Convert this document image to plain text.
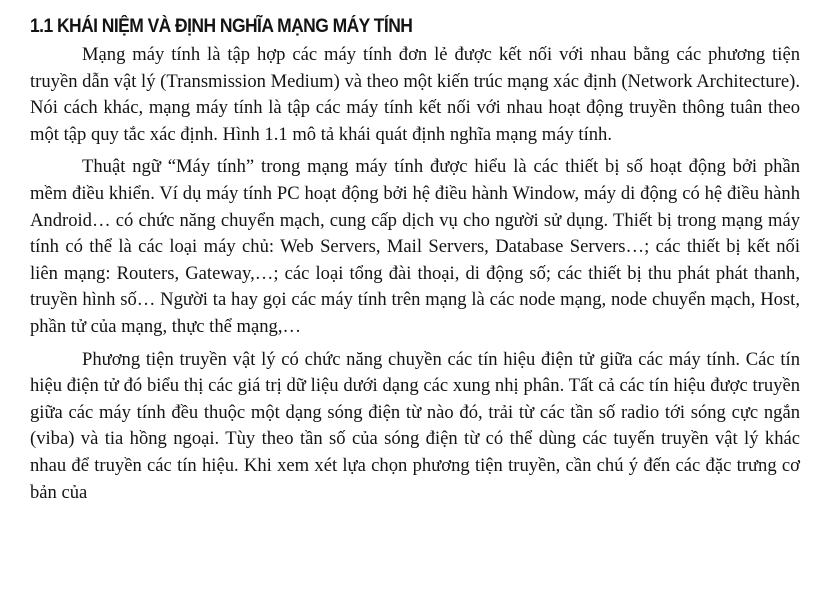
1.1 KHÁI NIỆM VÀ ĐỊNH NGHĨA MẠNG MÁY TÍNH

Mạng máy tính là tập hợp các máy tính đơn lẻ được kết nối với nhau bằng các phương tiện truyền dẫn vật lý (Transmission Medium) và theo một kiến trúc mạng xác định (Network Architecture). Nói cách khác, mạng máy tính là tập các máy tính kết nối với nhau hoạt động truyền thông tuân theo một tập quy tắc xác định. Hình 1.1 mô tả khái quát định nghĩa mạng máy tính.

Thuật ngữ “Máy tính” trong mạng máy tính được hiểu là các thiết bị số hoạt động bởi phần mềm điều khiển. Ví dụ máy tính PC hoạt động bởi hệ điều hành Window, máy di động có hệ điều hành Android… có chức năng chuyển mạch, cung cấp dịch vụ cho người sử dụng. Thiết bị trong mạng máy tính có thể là các loại máy chủ: Web Servers, Mail Servers, Database Servers…; các thiết bị kết nối liên mạng: Routers, Gateway,…; các loại tổng đài thoại, di động số; các thiết bị thu phát phát thanh, truyền hình số… Người ta hay gọi các máy tính trên mạng là các node mạng, node chuyển mạch, Host, phần tử của mạng, thực thể mạng,…

Phương tiện truyền vật lý có chức năng chuyền các tín hiệu điện tử giữa các máy tính. Các tín hiệu điện tử đó biểu thị các giá trị dữ liệu dưới dạng các xung nhị phân. Tất cả các tín hiệu được truyền giữa các máy tính đều thuộc một dạng sóng điện từ nào đó, trải từ các tần số radio tới sóng cực ngắn (viba) và tia hồng ngoại. Tùy theo tần số của sóng điện từ có thể dùng các tuyến truyền vật lý khác nhau để truyền các tín hiệu. Khi xem xét lựa chọn phương tiện truyền, cần chú ý đến các đặc trưng cơ bản của
